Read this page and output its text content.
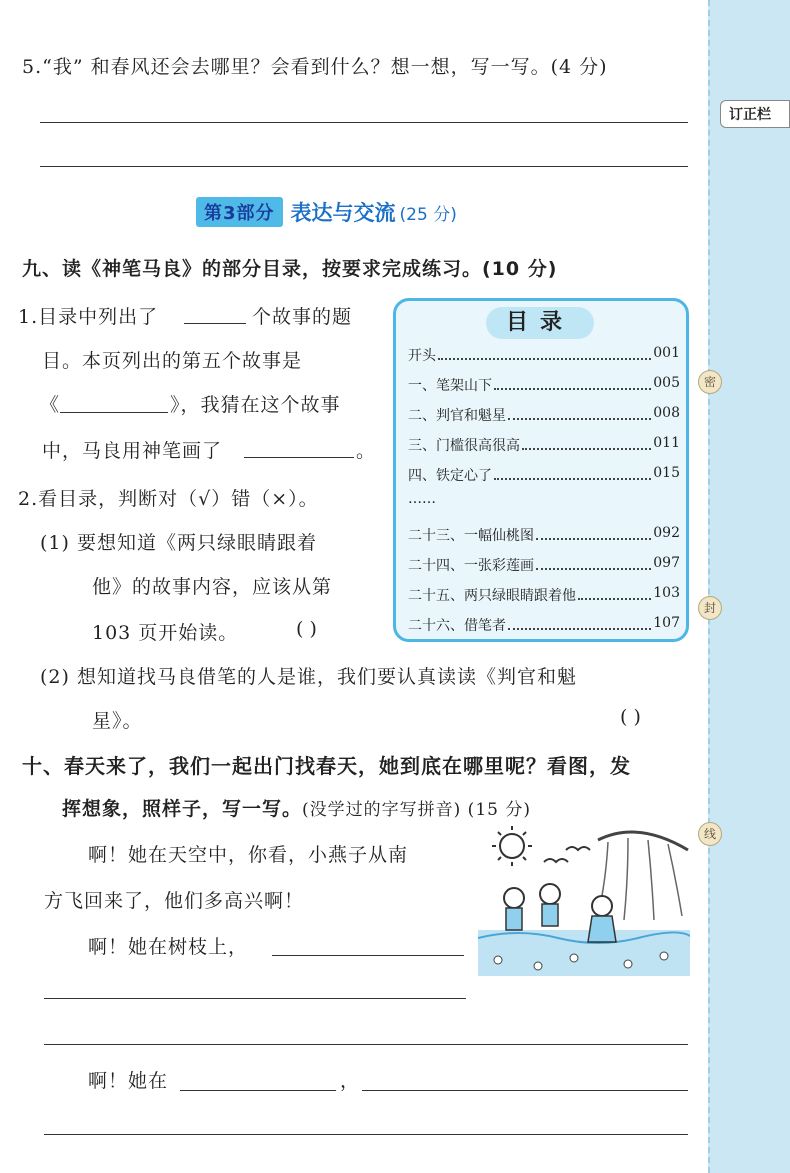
5.“我” 和春风还会去哪里？会看到什么？想一想，写一写。(4 分)
第3部分 表达与交流 (25 分)
九、读《神笔马良》的部分目录，按要求完成练习。(10 分)
1.目录中列出了	个故事的题
目。本页列出的第五个故事是
《	》，我猜在这个故事
中，马良用神笔画了	。
2.看目录，判断对（√）错（×）。
(1) 要想知道《两只绿眼睛跟着
他》的故事内容，应该从第
103 页开始读。	( )
(2) 想知道找马良借笔的人是谁，我们要认真读读《判官和魁
星》。	( )
目录
开头	001
一、笔架山下	005
二、判官和魁星	008
三、门槛很高很高	011
四、铁定心了	015
……
二十三、一幅仙桃图	092
二十四、一张彩莲画	097
二十五、两只绿眼睛跟着他	103
二十六、借笔者	107
十、春天来了，我们一起出门找春天，她到底在哪里呢？看图，发
挥想象，照样子，写一写。(没学过的字写拼音) (15 分)
啊！她在天空中，你看，小燕子从南
方飞回来了，他们多高兴啊！
啊！她在树枝上，
啊！她在	，
订正栏
密
封
线
